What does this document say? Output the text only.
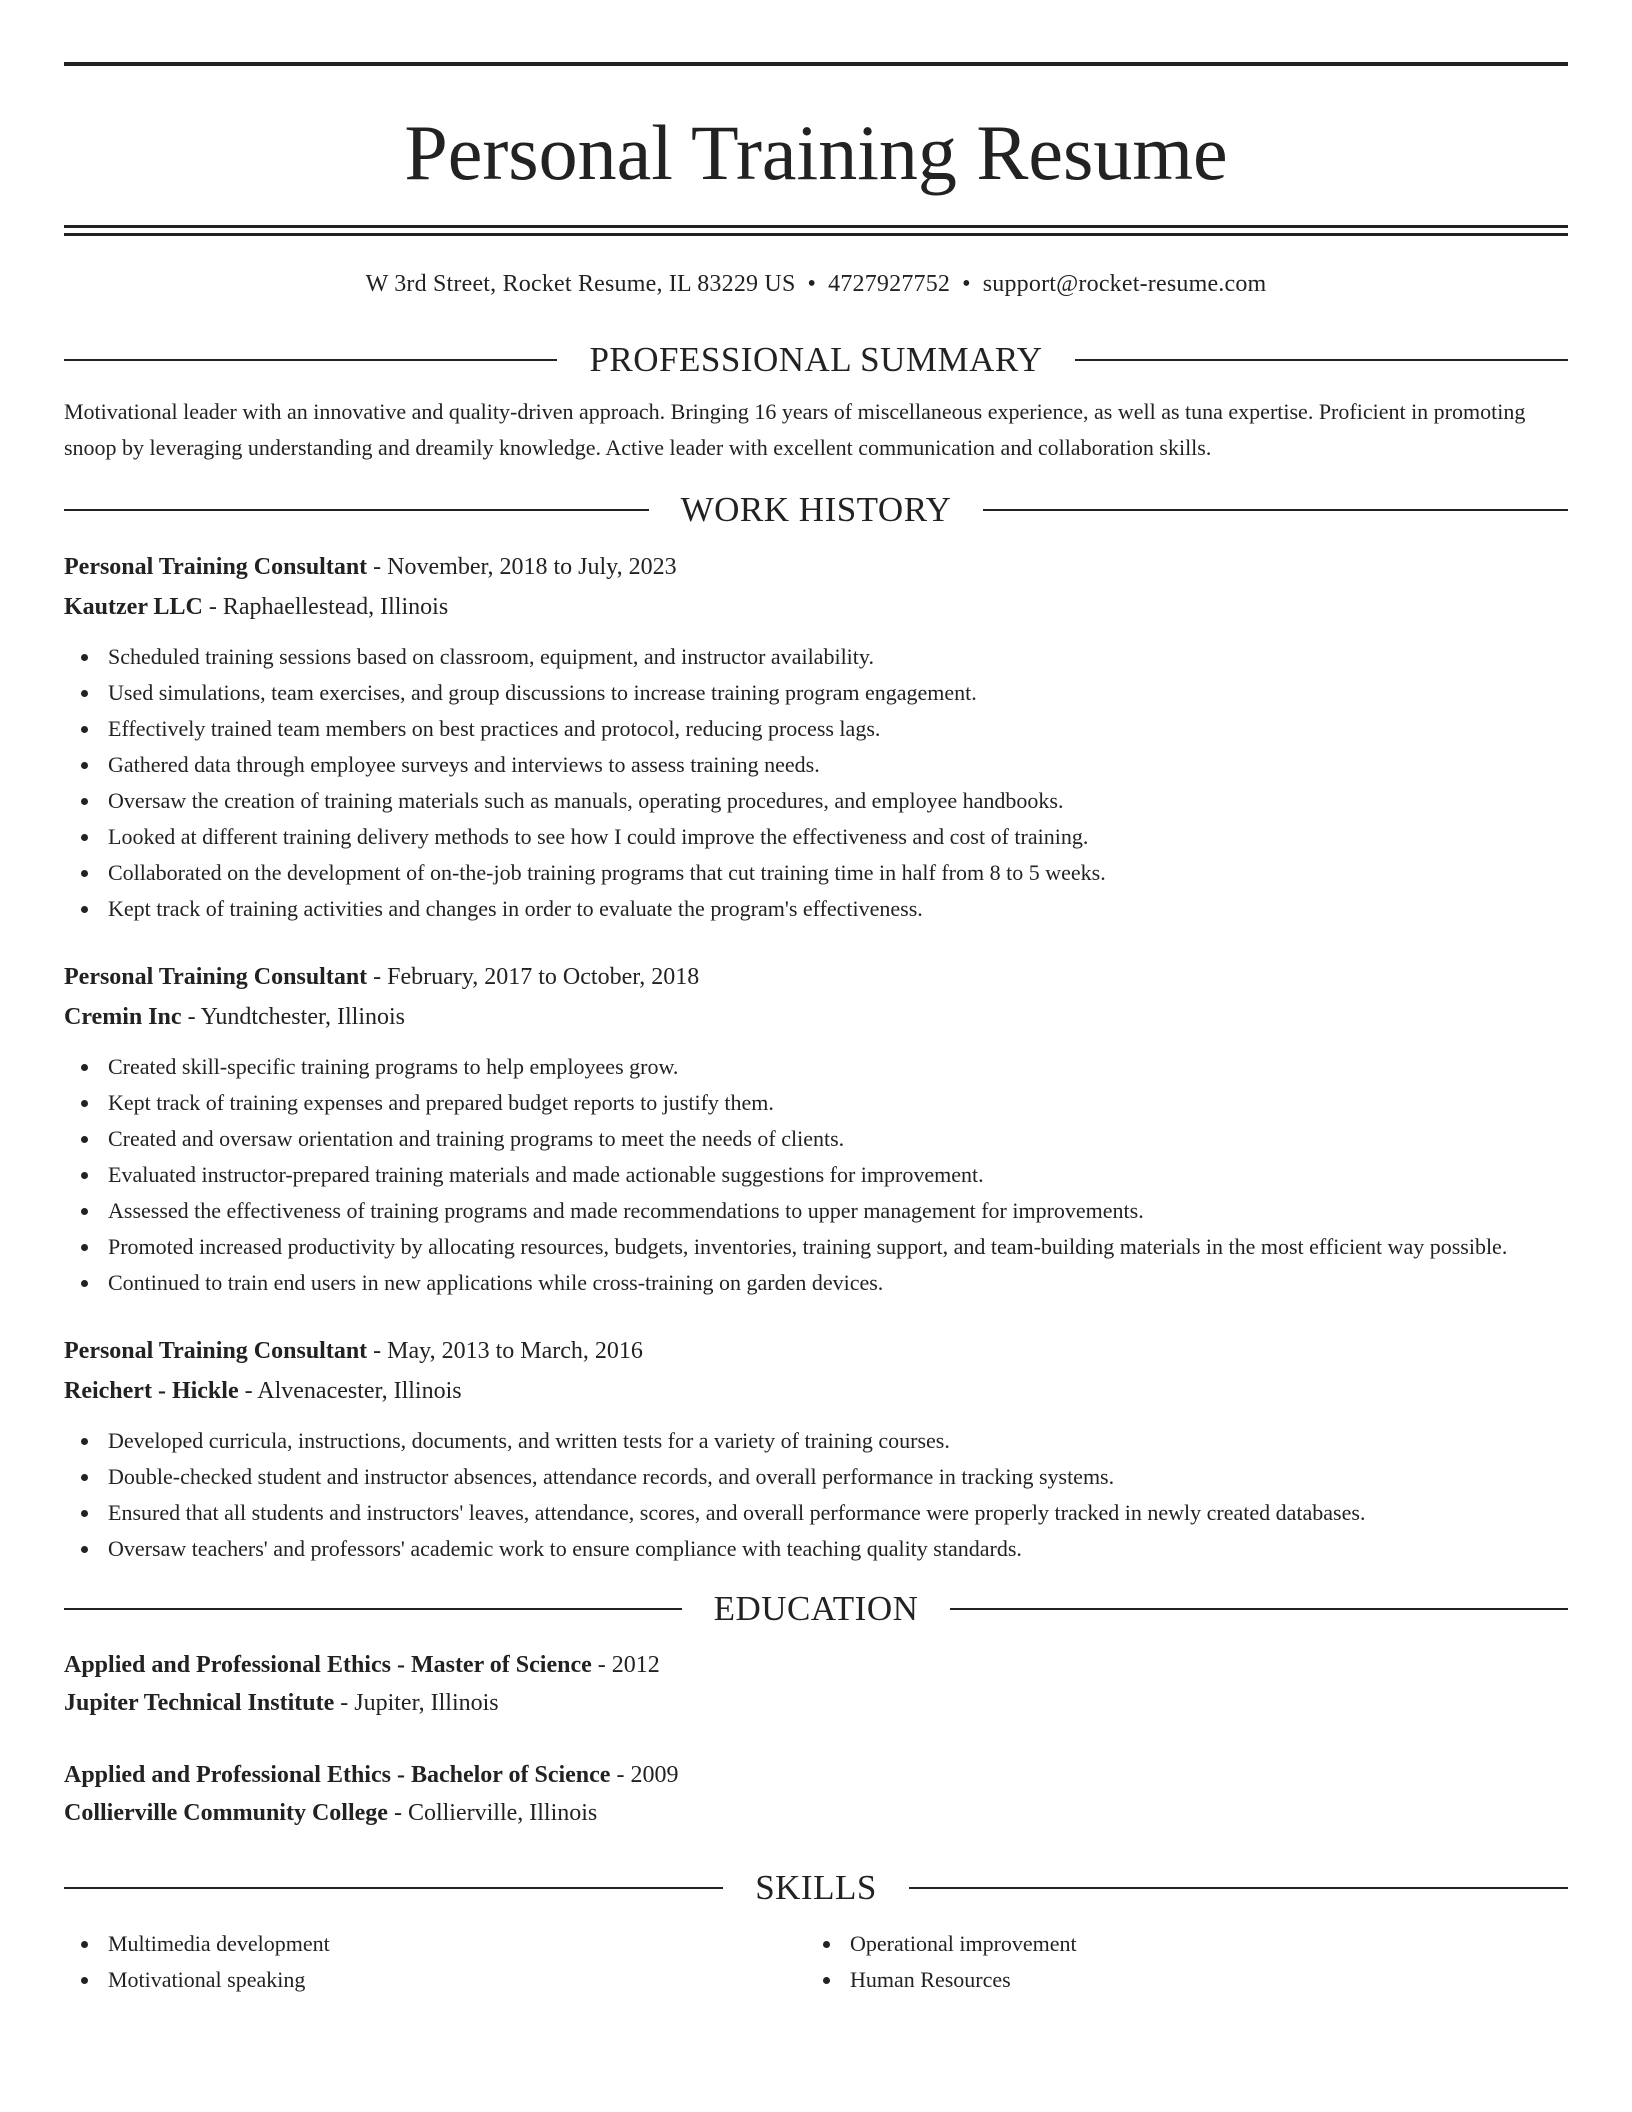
Personal Training Resume
W 3rd Street, Rocket Resume, IL 83229 US • 4727927752 • support@rocket-resume.com
PROFESSIONAL SUMMARY

Motivational leader with an innovative and quality-driven approach. Bringing 16 years of miscellaneous experience, as well as tuna expertise. Proficient in promoting snoop by leveraging understanding and dreamily knowledge. Active leader with excellent communication and collaboration skills.

WORK HISTORY
Personal Training Consultant - November, 2018 to July, 2023
Kautzer LLC - Raphaellestead, Illinois
Scheduled training sessions based on classroom, equipment, and instructor availability.
Used simulations, team exercises, and group discussions to increase training program engagement.
Effectively trained team members on best practices and protocol, reducing process lags.
Gathered data through employee surveys and interviews to assess training needs.
Oversaw the creation of training materials such as manuals, operating procedures, and employee handbooks.
Looked at different training delivery methods to see how I could improve the effectiveness and cost of training.
Collaborated on the development of on-the-job training programs that cut training time in half from 8 to 5 weeks.
Kept track of training activities and changes in order to evaluate the program's effectiveness.
Personal Training Consultant - February, 2017 to October, 2018
Cremin Inc - Yundtchester, Illinois
Created skill-specific training programs to help employees grow.
Kept track of training expenses and prepared budget reports to justify them.
Created and oversaw orientation and training programs to meet the needs of clients.
Evaluated instructor-prepared training materials and made actionable suggestions for improvement.
Assessed the effectiveness of training programs and made recommendations to upper management for improvements.
Promoted increased productivity by allocating resources, budgets, inventories, training support, and team-building materials in the most efficient way possible.
Continued to train end users in new applications while cross-training on garden devices.
Personal Training Consultant - May, 2013 to March, 2016
Reichert - Hickle - Alvenacester, Illinois
Developed curricula, instructions, documents, and written tests for a variety of training courses.
Double-checked student and instructor absences, attendance records, and overall performance in tracking systems.
Ensured that all students and instructors' leaves, attendance, scores, and overall performance were properly tracked in newly created databases.
Oversaw teachers' and professors' academic work to ensure compliance with teaching quality standards.
EDUCATION
Applied and Professional Ethics - Master of Science - 2012
Jupiter Technical Institute - Jupiter, Illinois
Applied and Professional Ethics - Bachelor of Science - 2009
Collierville Community College - Collierville, Illinois
SKILLS
Multimedia development
Motivational speaking
Operational improvement
Human Resources
